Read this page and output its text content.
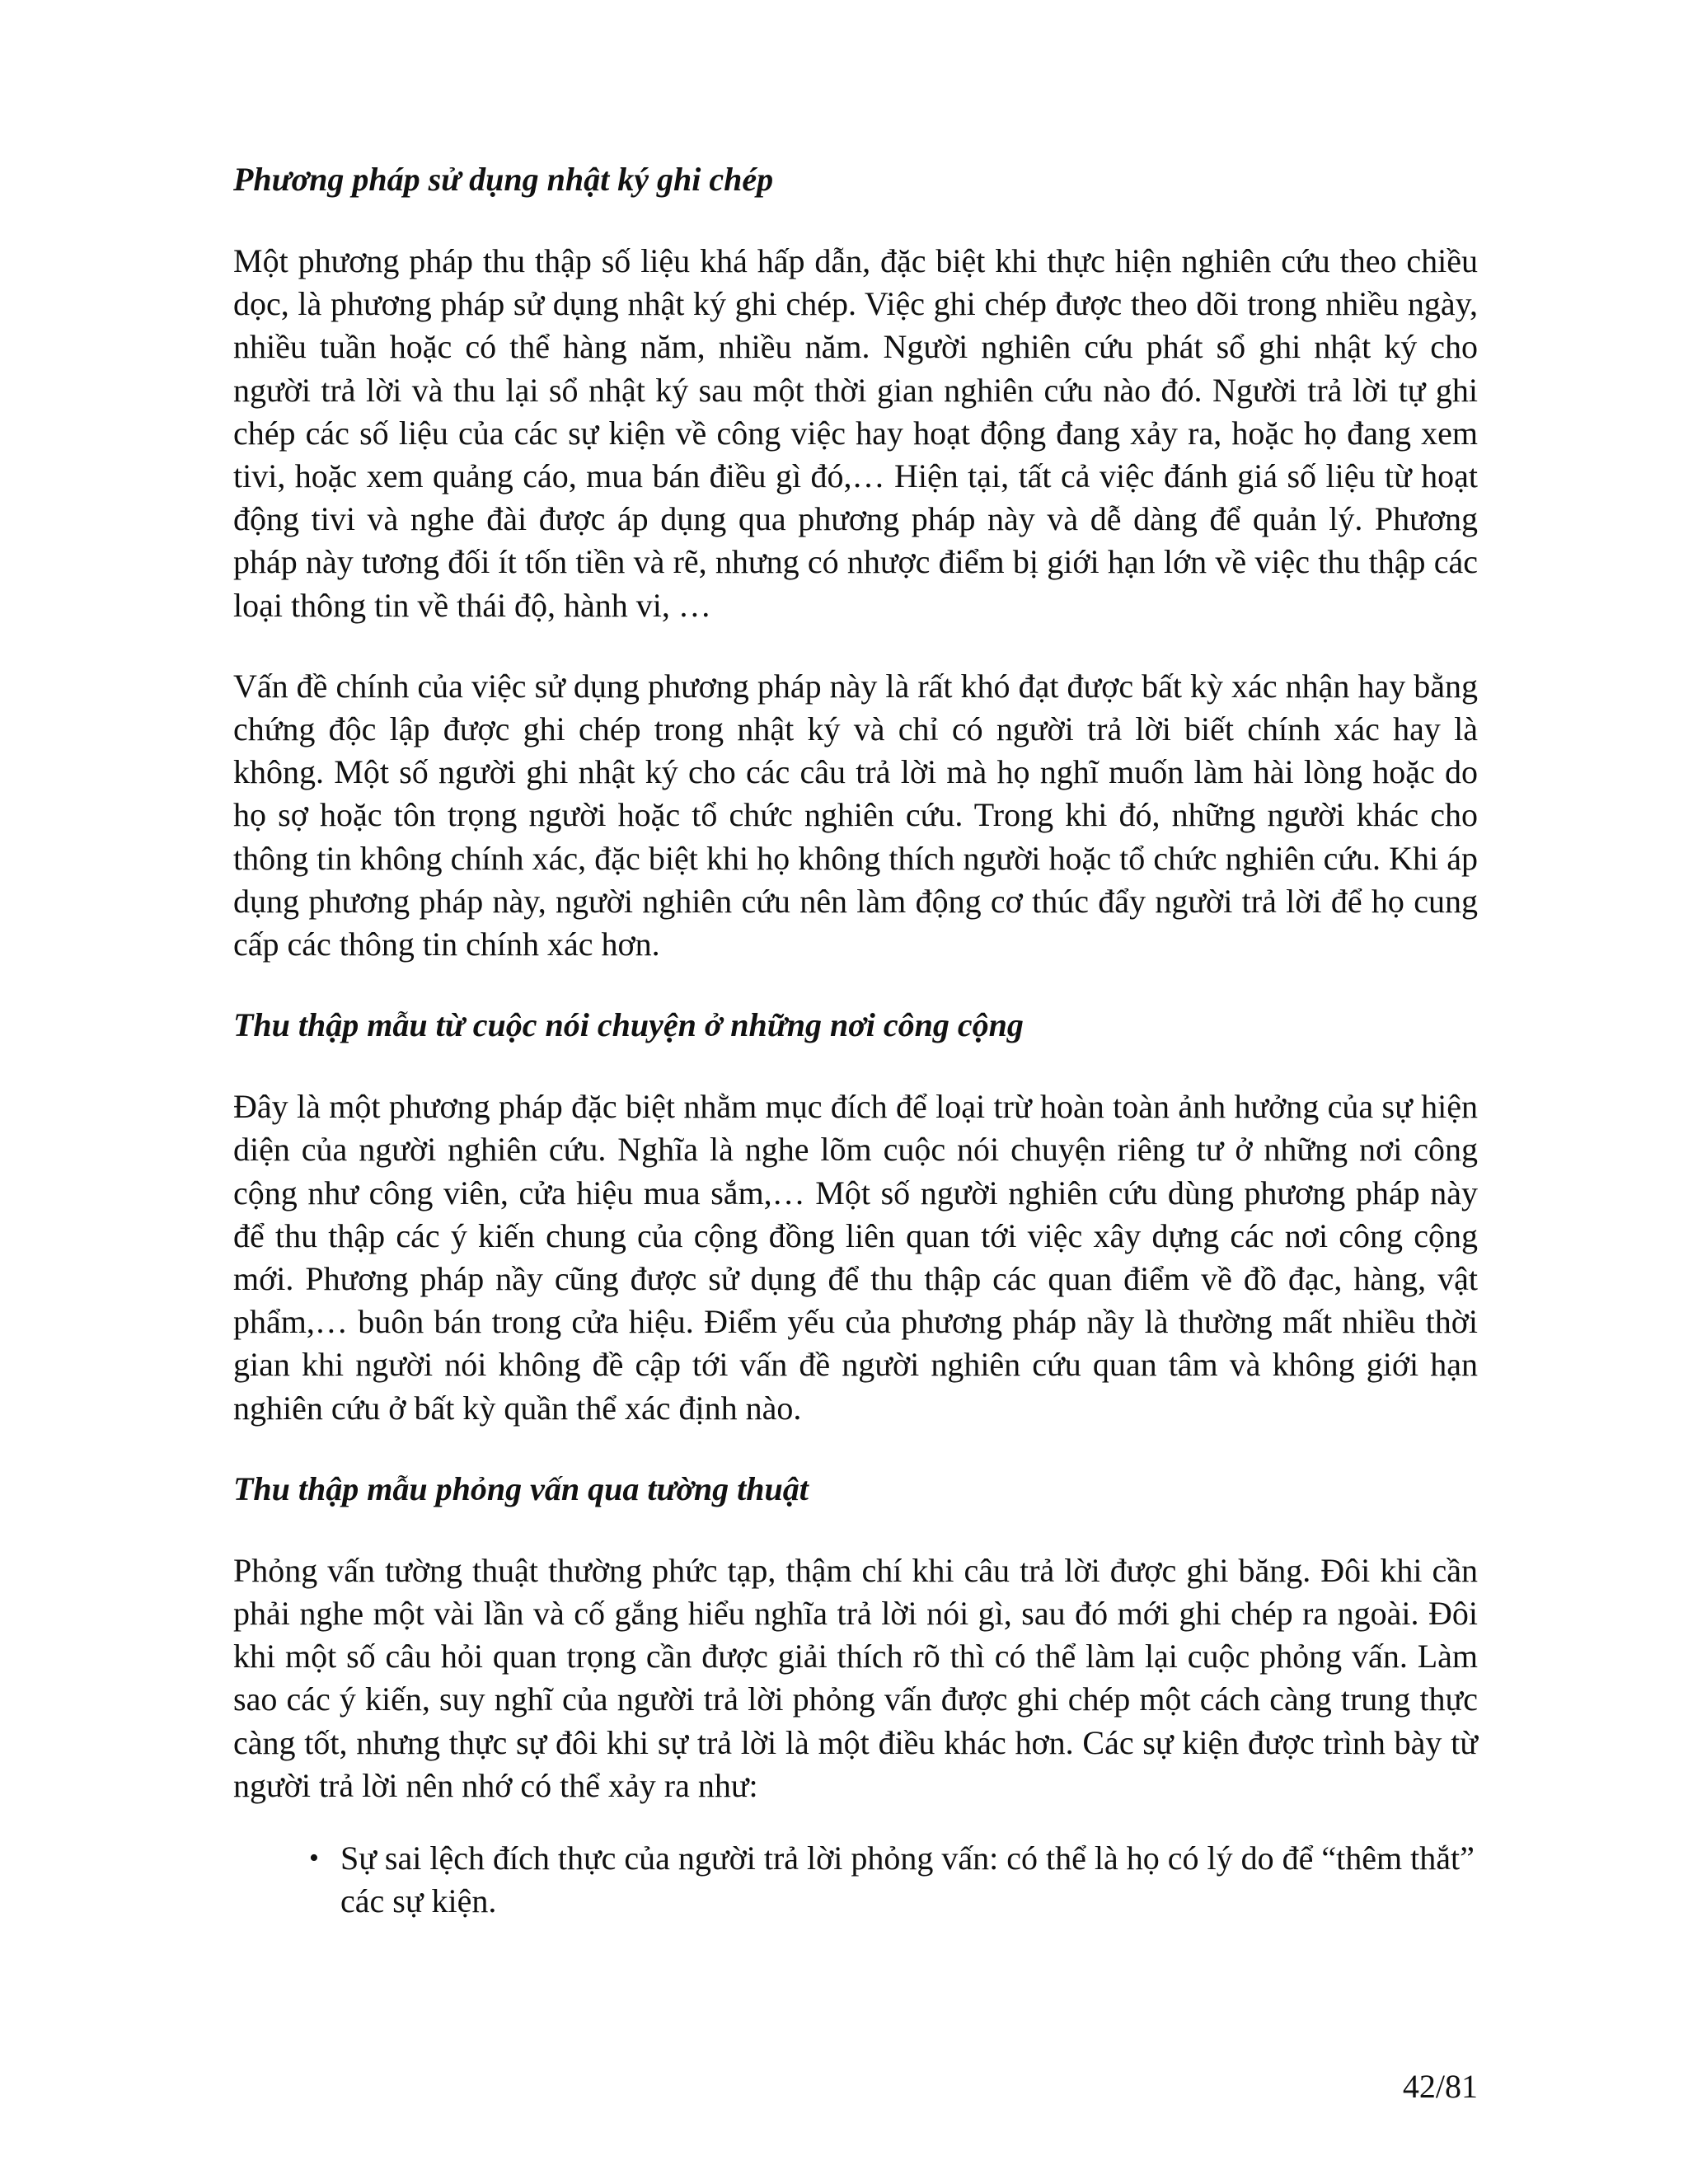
Phương pháp sử dụng nhật ký ghi chép

Một phương pháp thu thập số liệu khá hấp dẫn, đặc biệt khi thực hiện nghiên cứu theo chiều dọc, là phương pháp sử dụng nhật ký ghi chép. Việc ghi chép được theo dõi trong nhiều ngày, nhiều tuần hoặc có thể hàng năm, nhiều năm. Người nghiên cứu phát sổ ghi nhật ký cho người trả lời và thu lại sổ nhật ký sau một thời gian nghiên cứu nào đó. Người trả lời tự ghi chép các số liệu của các sự kiện về công việc hay hoạt động đang xảy ra, hoặc họ đang xem tivi, hoặc xem quảng cáo, mua bán điều gì đó,… Hiện tại, tất cả việc đánh giá số liệu từ hoạt động tivi và nghe đài được áp dụng qua phương pháp này và dễ dàng để quản lý. Phương pháp này tương đối ít tốn tiền và rẽ, nhưng có nhược điểm bị giới hạn lớn về việc thu thập các loại thông tin về thái độ, hành vi, …

Vấn đề chính của việc sử dụng phương pháp này là rất khó đạt được bất kỳ xác nhận hay bằng chứng độc lập được ghi chép trong nhật ký và chỉ có người trả lời biết chính xác hay là không. Một số người ghi nhật ký cho các câu trả lời mà họ nghĩ muốn làm hài lòng hoặc do họ sợ hoặc tôn trọng người hoặc tổ chức nghiên cứu. Trong khi đó, những người khác cho thông tin không chính xác, đặc biệt khi họ không thích người hoặc tổ chức nghiên cứu. Khi áp dụng phương pháp này, người nghiên cứu nên làm động cơ thúc đẩy người trả lời để họ cung cấp các thông tin chính xác hơn.

Thu thập mẫu từ cuộc nói chuyện ở những nơi công cộng

Đây là một phương pháp đặc biệt nhằm mục đích để loại trừ hoàn toàn ảnh hưởng của sự hiện diện của người nghiên cứu. Nghĩa là nghe lõm cuộc nói chuyện riêng tư ở những nơi công cộng như công viên, cửa hiệu mua sắm,… Một số người nghiên cứu dùng phương pháp này để thu thập các ý kiến chung của cộng đồng liên quan tới việc xây dựng các nơi công cộng mới. Phương pháp nầy cũng được sử dụng để thu thập các quan điểm về đồ đạc, hàng, vật phẩm,… buôn bán trong cửa hiệu. Điểm yếu của phương pháp nầy là thường mất nhiều thời gian khi người nói không đề cập tới vấn đề người nghiên cứu quan tâm và không giới hạn nghiên cứu ở bất kỳ quần thể xác định nào.

Thu thập mẫu phỏng vấn qua tường thuật

Phỏng vấn tường thuật thường phức tạp, thậm chí khi câu trả lời được ghi băng. Đôi khi cần phải nghe một vài lần và cố gắng hiểu nghĩa trả lời nói gì, sau đó mới ghi chép ra ngoài. Đôi khi một số câu hỏi quan trọng cần được giải thích rõ thì có thể làm lại cuộc phỏng vấn. Làm sao các ý kiến, suy nghĩ của người trả lời phỏng vấn được ghi chép một cách càng trung thực càng tốt, nhưng thực sự đôi khi sự trả lời là một điều khác hơn. Các sự kiện được trình bày từ người trả lời nên nhớ có thể xảy ra như:

• Sự sai lệch đích thực của người trả lời phỏng vấn: có thể là họ có lý do để “thêm thắt” các sự kiện.
42/81
